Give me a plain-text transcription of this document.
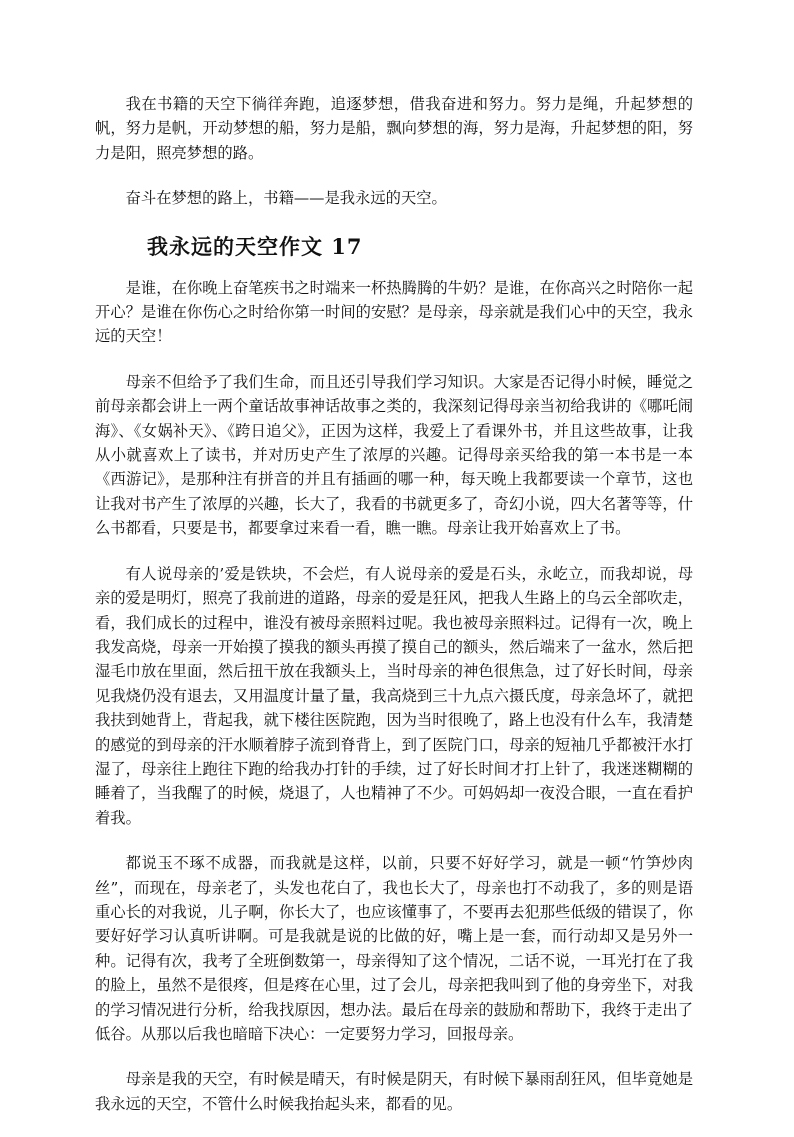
我在书籍的天空下徜徉奔跑，追逐梦想，借我奋进和努力。努力是绳，升起梦想的帆，努力是帆，开动梦想的船，努力是船，飘向梦想的海，努力是海，升起梦想的阳，努力是阳，照亮梦想的路。

奋斗在梦想的路上，书籍——是我永远的天空。

我永远的天空作文 17

是谁，在你晚上奋笔疾书之时端来一杯热腾腾的牛奶？是谁，在你高兴之时陪你一起开心？是谁在你伤心之时给你第一时间的安慰？是母亲，母亲就是我们心中的天空，我永远的天空！

母亲不但给予了我们生命，而且还引导我们学习知识。大家是否记得小时候，睡觉之前母亲都会讲上一两个童话故事神话故事之类的，我深刻记得母亲当初给我讲的《哪吒闹海》、《女娲补天》、《跨日追父》，正因为这样，我爱上了看课外书，并且这些故事，让我从小就喜欢上了读书，并对历史产生了浓厚的兴趣。记得母亲买给我的第一本书是一本《西游记》，是那种注有拼音的并且有插画的哪一种，每天晚上我都要读一个章节，这也让我对书产生了浓厚的兴趣，长大了，我看的书就更多了，奇幻小说，四大名著等等，什么书都看，只要是书，都要拿过来看一看，瞧一瞧。母亲让我开始喜欢上了书。

有人说母亲的’爱是铁块，不会烂，有人说母亲的爱是石头，永屹立，而我却说，母亲的爱是明灯，照亮了我前进的道路，母亲的爱是狂风，把我人生路上的乌云全部吹走，看，我们成长的过程中，谁没有被母亲照料过呢。我也被母亲照料过。记得有一次，晚上我发高烧，母亲一开始摸了摸我的额头再摸了摸自己的额头，然后端来了一盆水，然后把湿毛巾放在里面，然后扭干放在我额头上，当时母亲的神色很焦急，过了好长时间，母亲见我烧仍没有退去，又用温度计量了量，我高烧到三十九点六摄氏度，母亲急坏了，就把我扶到她背上，背起我，就下楼往医院跑，因为当时很晚了，路上也没有什么车，我清楚的感觉的到母亲的汗水顺着脖子流到脊背上，到了医院门口，母亲的短袖几乎都被汗水打湿了，母亲往上跑往下跑的给我办打针的手续，过了好长时间才打上针了，我迷迷糊糊的睡着了，当我醒了的时候，烧退了，人也精神了不少。可妈妈却一夜没合眼，一直在看护着我。

都说玉不琢不成器，而我就是这样，以前，只要不好好学习，就是一顿“竹笋炒肉丝”，而现在，母亲老了，头发也花白了，我也长大了，母亲也打不动我了，多的则是语重心长的对我说，儿子啊，你长大了，也应该懂事了，不要再去犯那些低级的错误了，你要好好学习认真听讲啊。可是我就是说的比做的好，嘴上是一套，而行动却又是另外一种。记得有次，我考了全班倒数第一，母亲得知了这个情况，二话不说，一耳光打在了我的脸上，虽然不是很疼，但是疼在心里，过了会儿，母亲把我叫到了他的身旁坐下，对我的学习情况进行分析，给我找原因，想办法。最后在母亲的鼓励和帮助下，我终于走出了低谷。从那以后我也暗暗下决心：一定要努力学习，回报母亲。

母亲是我的天空，有时候是晴天，有时候是阴天，有时候下暴雨刮狂风，但毕竟她是我永远的天空，不管什么时候我抬起头来，都看的见。
